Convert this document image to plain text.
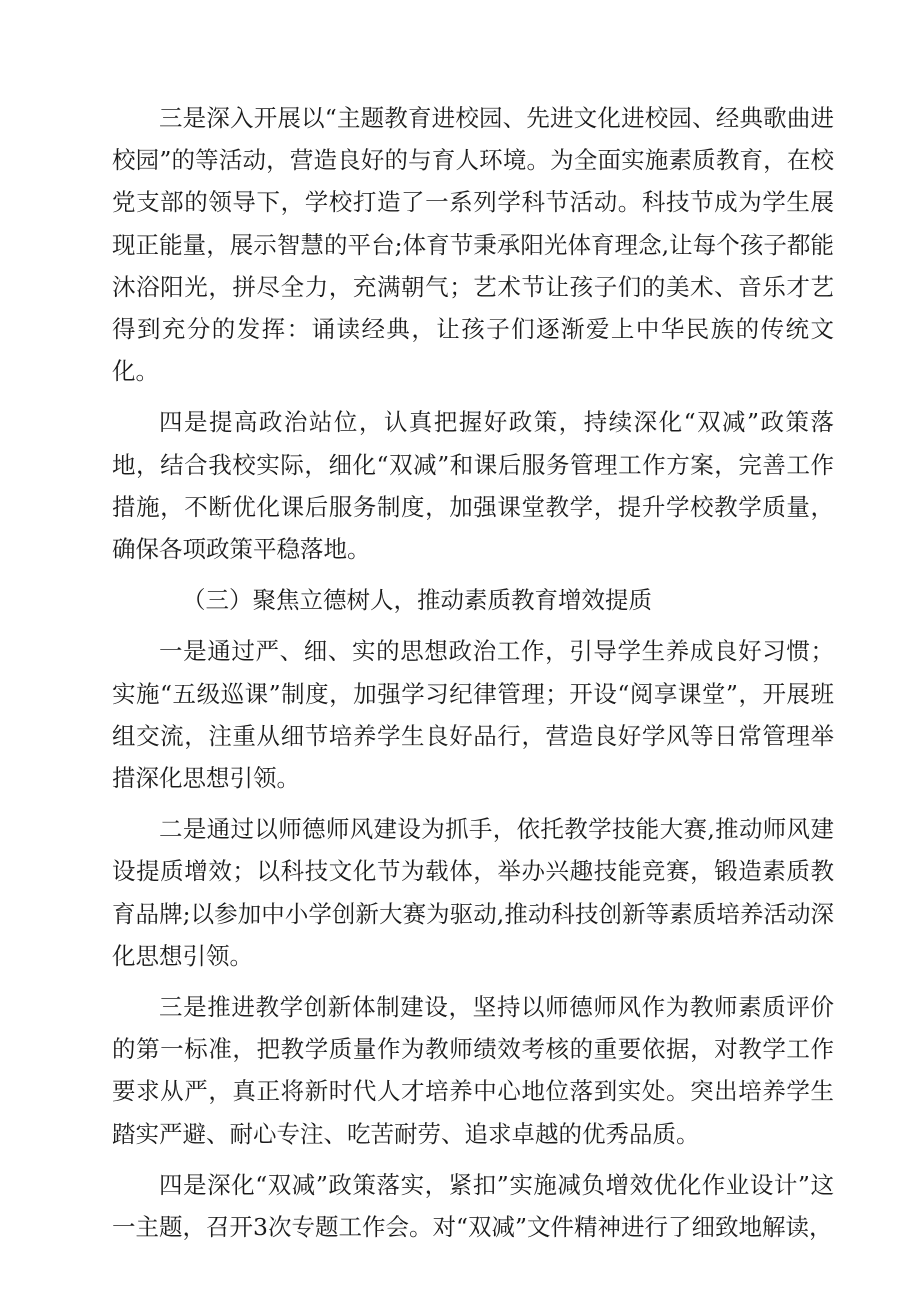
三是深入开展以“主题教育进校园、先进文化进校园、经典歌曲进校园”的等活动，营造良好的与育人环境。为全面实施素质教育，在校党支部的领导下，学校打造了一系列学科节活动。科技节成为学生展现正能量，展示智慧的平台;体育节秉承阳光体育理念,让每个孩子都能沐浴阳光，拼尽全力，充满朝气；艺术节让孩子们的美术、音乐才艺得到充分的发挥：诵读经典，让孩子们逐渐爱上中华民族的传统文化。

四是提高政治站位，认真把握好政策，持续深化“双减”政策落地，结合我校实际，细化“双减”和课后服务管理工作方案，完善工作措施，不断优化课后服务制度，加强课堂教学，提升学校教学质量，确保各项政策平稳落地。

（三）聚焦立德树人，推动素质教育增效提质

一是通过严、细、实的思想政治工作，引导学生养成良好习惯；实施“五级巡课”制度，加强学习纪律管理；开设“阅享课堂”，开展班组交流，注重从细节培养学生良好品行，营造良好学风等日常管理举措深化思想引领。

二是通过以师德师风建设为抓手，依托教学技能大赛,推动师风建设提质增效；以科技文化节为载体，举办兴趣技能竞赛，锻造素质教育品牌;以参加中小学创新大赛为驱动,推动科技创新等素质培养活动深化思想引领。

三是推进教学创新体制建设，坚持以师德师风作为教师素质评价的第一标准，把教学质量作为教师绩效考核的重要依据，对教学工作要求从严，真正将新时代人才培养中心地位落到实处。突出培养学生踏实严避、耐心专注、吃苦耐劳、追求卓越的优秀品质。

四是深化“双减”政策落实，紧扣”实施减负增效优化作业设计”这一主题，召开3次专题工作会。对“双减”文件精神进行了细致地解读，
